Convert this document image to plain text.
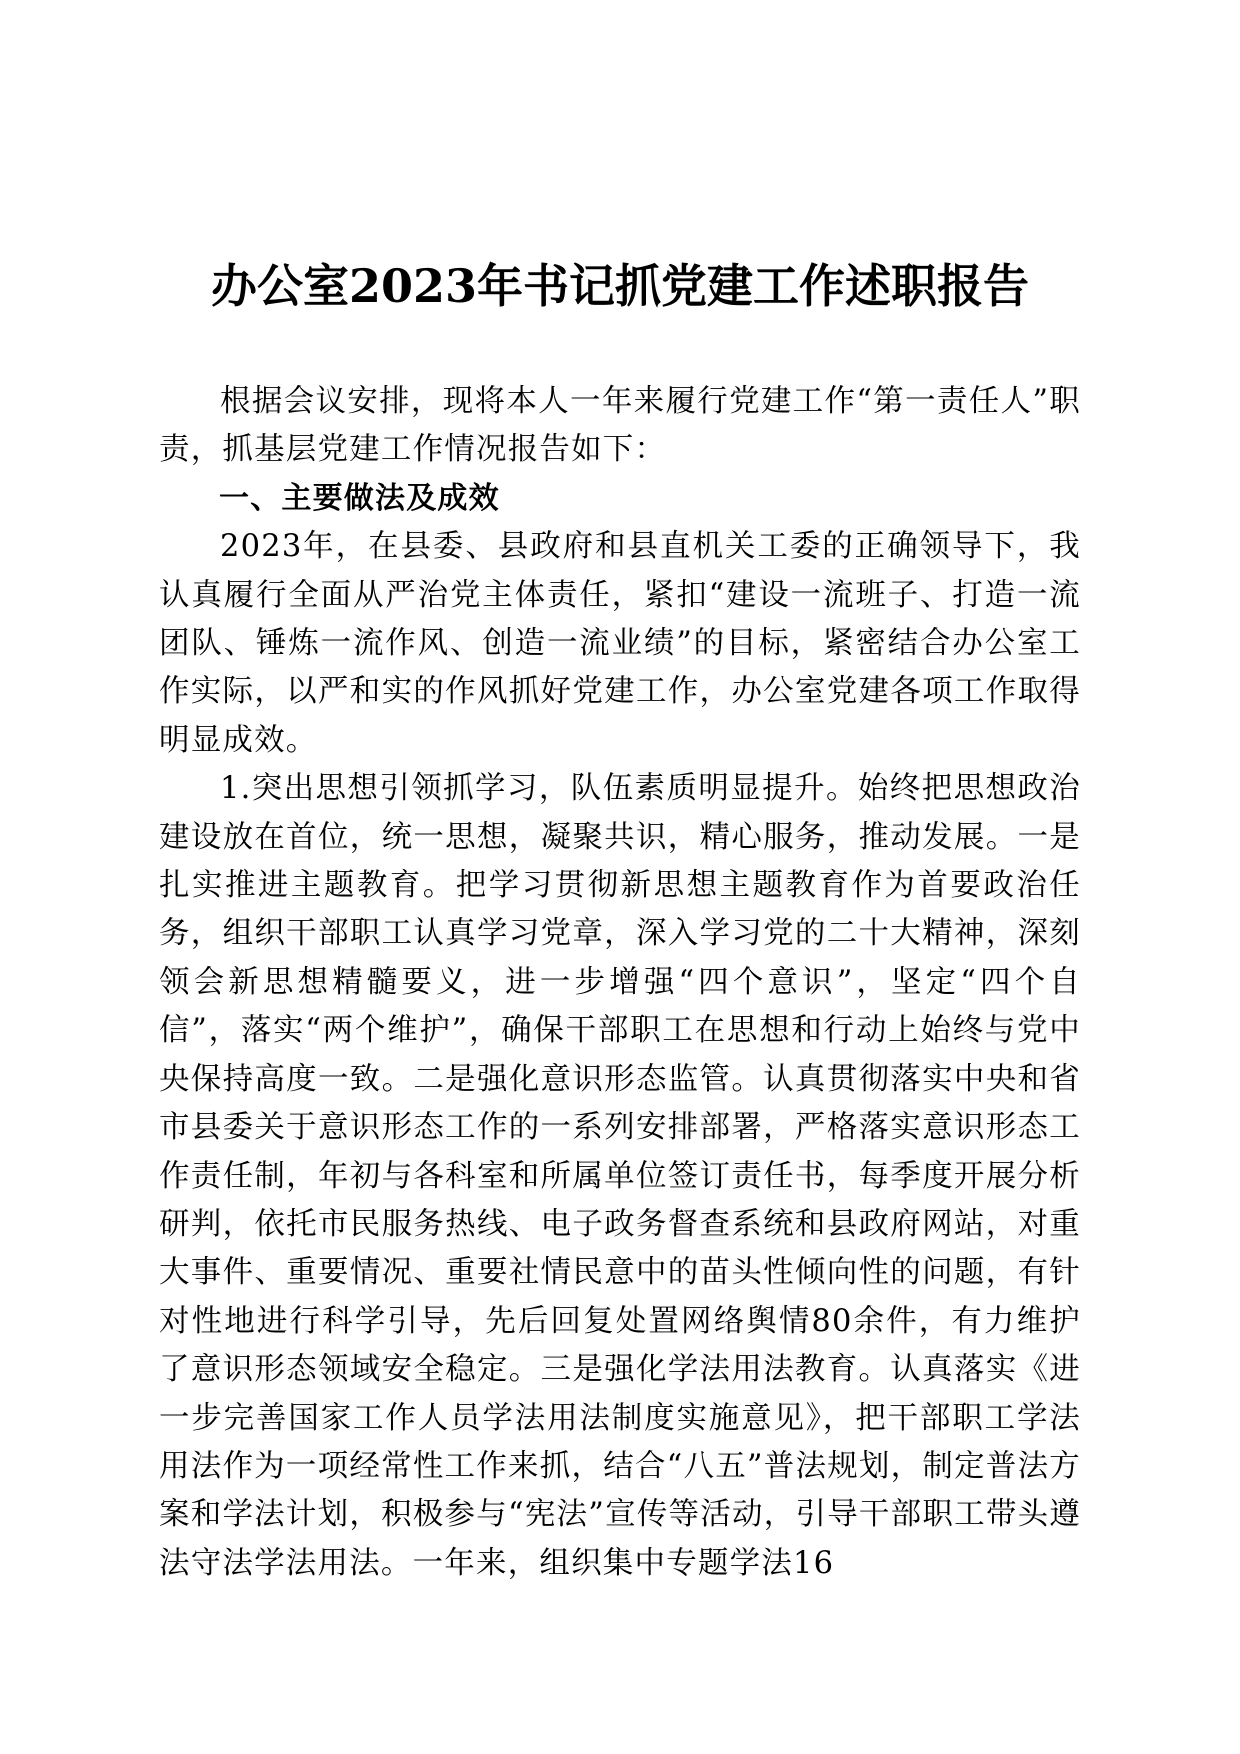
办公室2023年书记抓党建工作述职报告

根据会议安排，现将本人一年来履行党建工作“第一责任人”职责，抓基层党建工作情况报告如下：

一、主要做法及成效

2023年，在县委、县政府和县直机关工委的正确领导下，我认真履行全面从严治党主体责任，紧扣“建设一流班子、打造一流团队、锤炼一流作风、创造一流业绩”的目标，紧密结合办公室工作实际，以严和实的作风抓好党建工作，办公室党建各项工作取得明显成效。

1.突出思想引领抓学习，队伍素质明显提升。始终把思想政治建设放在首位，统一思想，凝聚共识，精心服务，推动发展。一是扎实推进主题教育。把学习贯彻新思想主题教育作为首要政治任务，组织干部职工认真学习党章，深入学习党的二十大精神，深刻领会新思想精髓要义，进一步增强“四个意识”，坚定“四个自信”，落实“两个维护”，确保干部职工在思想和行动上始终与党中央保持高度一致。二是强化意识形态监管。认真贯彻落实中央和省市县委关于意识形态工作的一系列安排部署，严格落实意识形态工作责任制，年初与各科室和所属单位签订责任书，每季度开展分析研判，依托市民服务热线、电子政务督查系统和县政府网站，对重大事件、重要情况、重要社情民意中的苗头性倾向性的问题，有针对性地进行科学引导，先后回复处置网络舆情80余件，有力维护了意识形态领域安全稳定。三是强化学法用法教育。认真落实《进一步完善国家工作人员学法用法制度实施意见》，把干部职工学法用法作为一项经常性工作来抓，结合“八五”普法规划，制定普法方案和学法计划，积极参与“宪法”宣传等活动，引导干部职工带头遵法守法学法用法。一年来，组织集中专题学法16
